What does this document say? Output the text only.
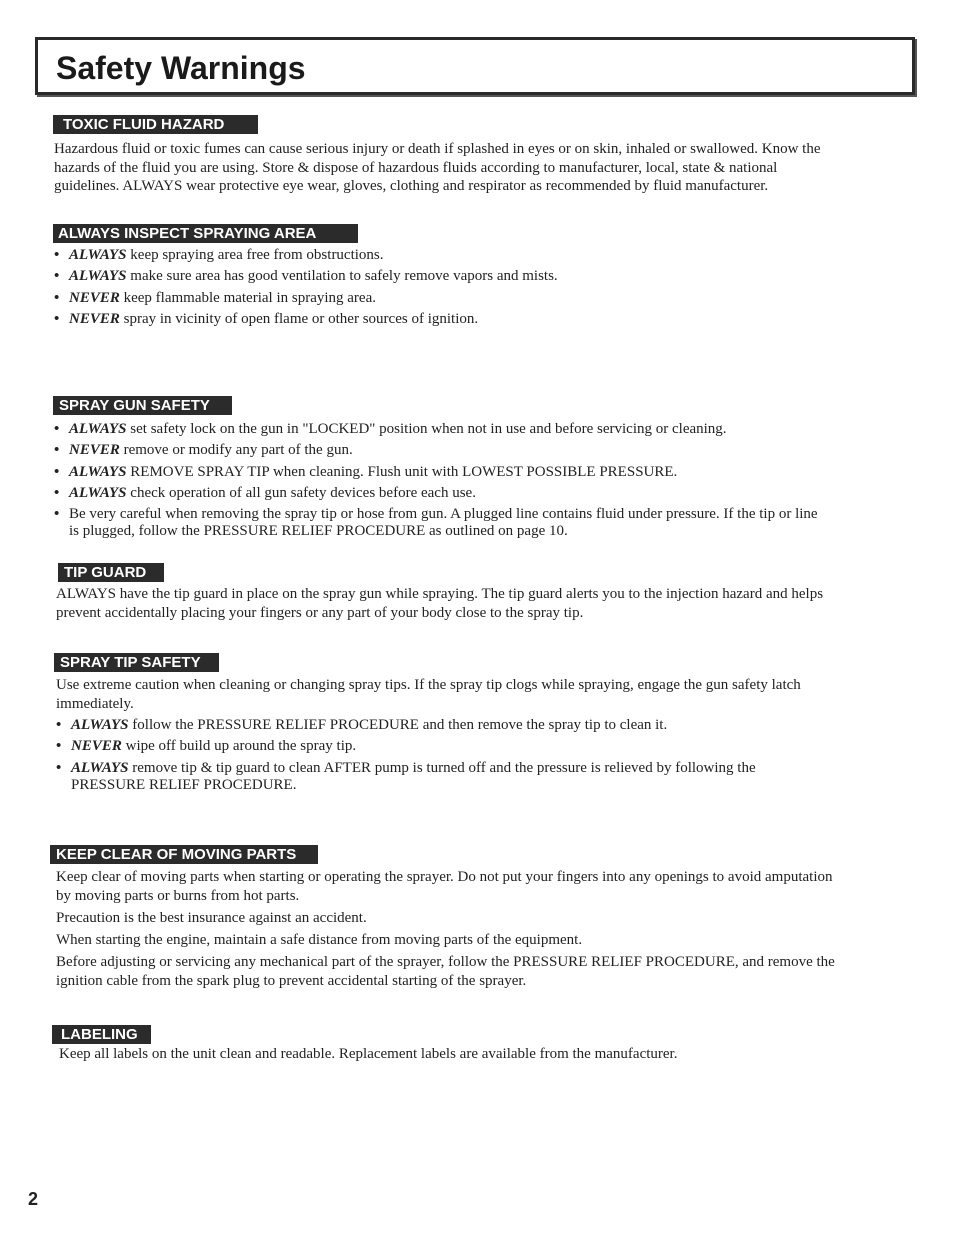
Safety Warnings
TOXIC FLUID HAZARD

Hazardous fluid or toxic fumes can cause serious injury or death if splashed in eyes or on skin, inhaled or swallowed. Know the hazards of the fluid you are using. Store & dispose of hazardous fluids according to manufacturer, local, state & national guidelines. ALWAYS wear protective eye wear, gloves, clothing and respirator as recommended by fluid manufacturer.

ALWAYS INSPECT SPRAYING AREA
• ALWAYS keep spraying area free from obstructions.
• ALWAYS make sure area has good ventilation to safely remove vapors and mists.
• NEVER keep flammable material in spraying area.
• NEVER spray in vicinity of open flame or other sources of ignition.
SPRAY GUN SAFETY
• ALWAYS set safety lock on the gun in "LOCKED" position when not in use and before servicing or cleaning.
• NEVER remove or modify any part of the gun.
• ALWAYS REMOVE SPRAY TIP when cleaning. Flush unit with LOWEST POSSIBLE PRESSURE.
• ALWAYS check operation of all gun safety devices before each use.
• Be very careful when removing the spray tip or hose from gun. A plugged line contains fluid under pressure. If the tip or line is plugged, follow the PRESSURE RELIEF PROCEDURE as outlined on page 10.
TIP GUARD

ALWAYS have the tip guard in place on the spray gun while spraying. The tip guard alerts you to the injection hazard and helps prevent accidentally placing your fingers or any part of your body close to the spray tip.

SPRAY TIP SAFETY

Use extreme caution when cleaning or changing spray tips. If the spray tip clogs while spraying, engage the gun safety latch immediately.

• ALWAYS follow the PRESSURE RELIEF PROCEDURE and then remove the spray tip to clean it.
• NEVER wipe off build up around the spray tip.
• ALWAYS remove tip & tip guard to clean AFTER pump is turned off and the pressure is relieved by following the PRESSURE RELIEF PROCEDURE.
KEEP CLEAR OF MOVING PARTS

Keep clear of moving parts when starting or operating the sprayer. Do not put your fingers into any openings to avoid amputation by moving parts or burns from hot parts.

Precaution is the best insurance against an accident.

When starting the engine, maintain a safe distance from moving parts of the equipment.

Before adjusting or servicing any mechanical part of the sprayer, follow the PRESSURE RELIEF PROCEDURE, and remove the ignition cable from the spark plug to prevent accidental starting of the sprayer.

LABELING

Keep all labels on the unit clean and readable. Replacement labels are available from the manufacturer.

2
